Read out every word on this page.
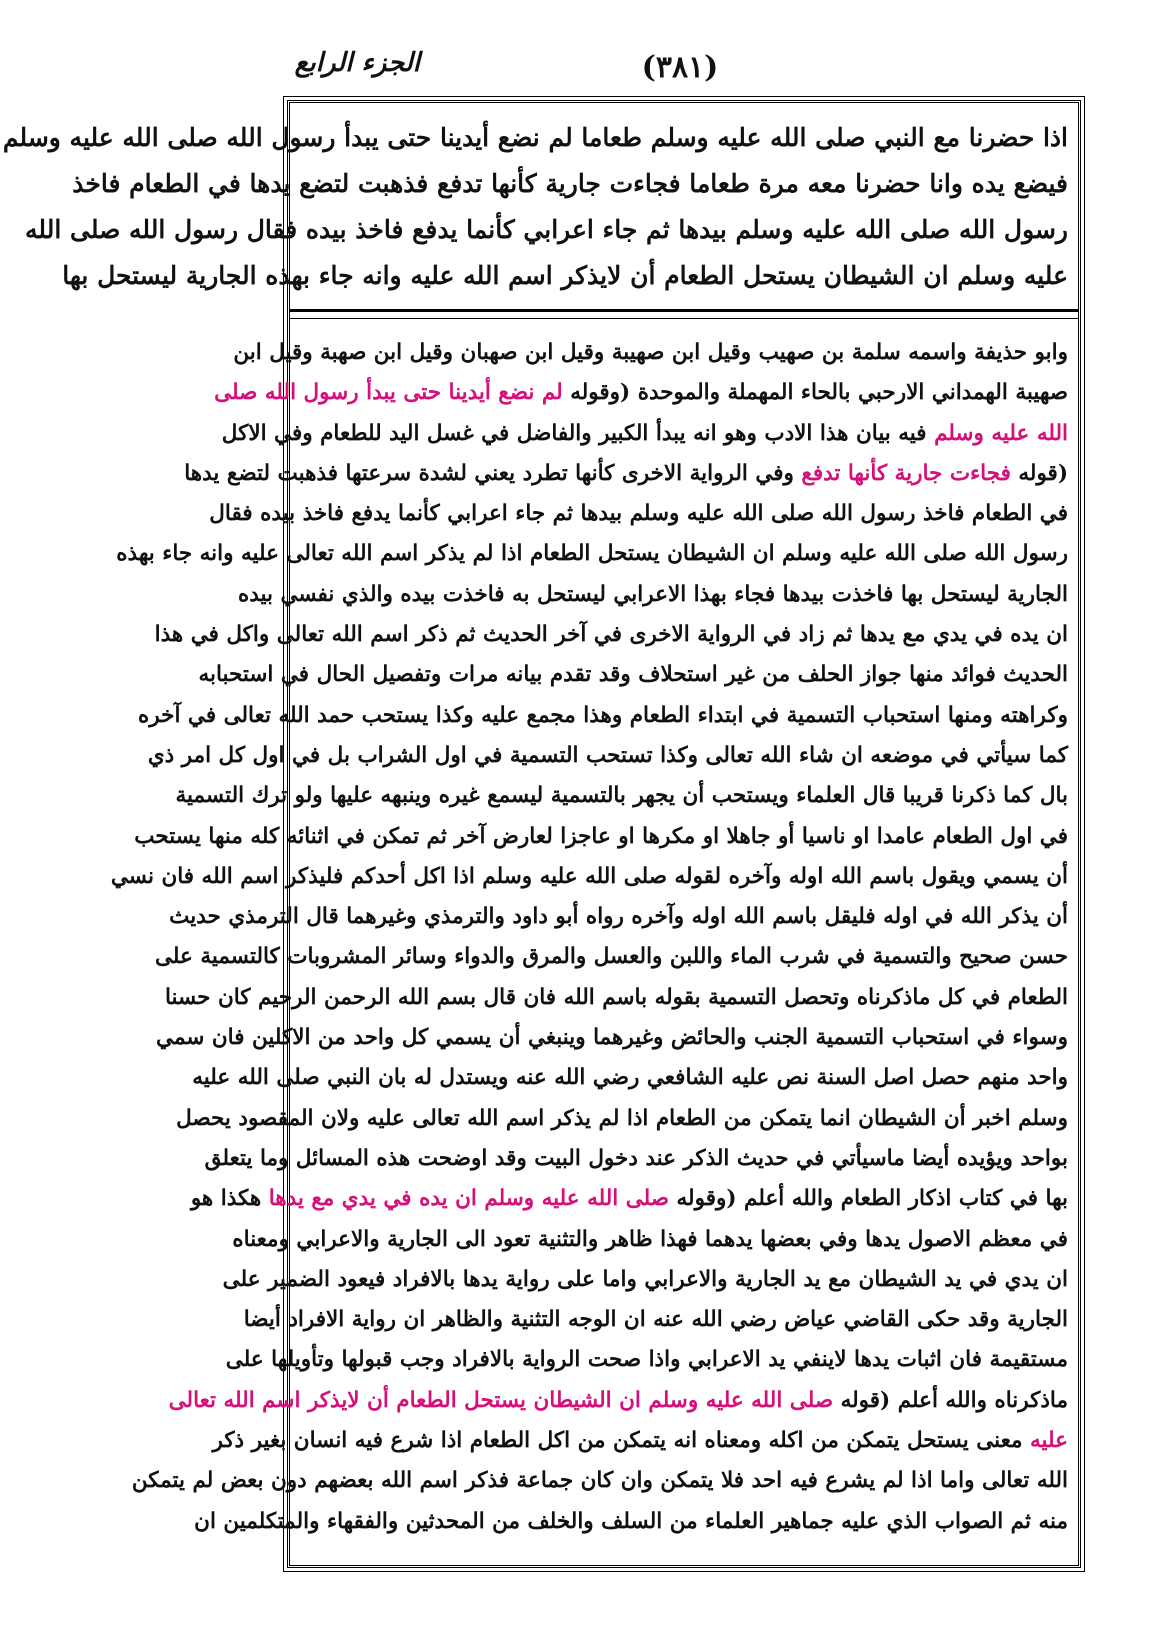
(٣٨١)
الجزء الرابع
اذا حضرنا مع النبي صلى الله عليه وسلم طعاما لم نضع أيدينا حتى يبدأ رسول الله صلى الله عليه وسلم
فيضع يده وانا حضرنا معه مرة طعاما فجاءت جارية كأنها تدفع فذهبت لتضع يدها في الطعام فاخذ
رسول الله صلى الله عليه وسلم بيدها ثم جاء اعرابي كأنما يدفع فاخذ بيده فقال رسول الله صلى الله
عليه وسلم ان الشيطان يستحل الطعام أن لايذكر اسم الله عليه وانه جاء بهذه الجارية ليستحل بها
وابو حذيفة واسمه سلمة بن صهيب وقيل ابن صهيبة وقيل ابن صهبان وقيل ابن صهبة وقيل ابن
صهيبة الهمداني الارحبي بالحاء المهملة والموحدة (وقوله لم نضع أيدينا حتى يبدأ رسول الله صلى
الله عليه وسلم فيه بيان هذا الادب وهو انه يبدأ الكبير والفاضل في غسل اليد للطعام وفي الاكل
(قوله فجاءت جارية كأنها تدفع وفي الرواية الاخرى كأنها تطرد يعني لشدة سرعتها فذهبت لتضع يدها
في الطعام فاخذ رسول الله صلى الله عليه وسلم بيدها ثم جاء اعرابي كأنما يدفع فاخذ بيده فقال
رسول الله صلى الله عليه وسلم ان الشيطان يستحل الطعام اذا لم يذكر اسم الله تعالى عليه وانه جاء بهذه
الجارية ليستحل بها فاخذت بيدها فجاء بهذا الاعرابي ليستحل به فاخذت بيده والذي نفسي بيده
ان يده في يدي مع يدها ثم زاد في الرواية الاخرى في آخر الحديث ثم ذكر اسم الله تعالى واكل في هذا
الحديث فوائد منها جواز الحلف من غير استحلاف وقد تقدم بيانه مرات وتفصيل الحال في استحبابه
وكراهته ومنها استحباب التسمية في ابتداء الطعام وهذا مجمع عليه وكذا يستحب حمد الله تعالى في آخره
كما سيأتي في موضعه ان شاء الله تعالى وكذا تستحب التسمية في اول الشراب بل في اول كل امر ذي
بال كما ذكرنا قريبا قال العلماء ويستحب أن يجهر بالتسمية ليسمع غيره وينبهه عليها ولو ترك التسمية
في اول الطعام عامدا او ناسيا أو جاهلا او مكرها او عاجزا لعارض آخر ثم تمكن في اثنائه كله منها يستحب
أن يسمي ويقول باسم الله اوله وآخره لقوله صلى الله عليه وسلم اذا اكل أحدكم فليذكر اسم الله فان نسي
أن يذكر الله في اوله فليقل باسم الله اوله وآخره رواه أبو داود والترمذي وغيرهما قال الترمذي حديث
حسن صحيح والتسمية في شرب الماء واللبن والعسل والمرق والدواء وسائر المشروبات كالتسمية على
الطعام في كل ماذكرناه وتحصل التسمية بقوله باسم الله فان قال بسم الله الرحمن الرحيم كان حسنا
وسواء في استحباب التسمية الجنب والحائض وغيرهما وينبغي أن يسمي كل واحد من الاكلين فان سمي
واحد منهم حصل اصل السنة نص عليه الشافعي رضي الله عنه ويستدل له بان النبي صلى الله عليه
وسلم اخبر أن الشيطان انما يتمكن من الطعام اذا لم يذكر اسم الله تعالى عليه ولان المقصود يحصل
بواحد ويؤيده أيضا ماسيأتي في حديث الذكر عند دخول البيت وقد اوضحت هذه المسائل وما يتعلق
بها في كتاب اذكار الطعام والله أعلم (وقوله صلى الله عليه وسلم ان يده في يدي مع يدها هكذا هو
في معظم الاصول يدها وفي بعضها يدهما فهذا ظاهر والتثنية تعود الى الجارية والاعرابي ومعناه
ان يدي في يد الشيطان مع يد الجارية والاعرابي واما على رواية يدها بالافراد فيعود الضمير على
الجارية وقد حكى القاضي عياض رضي الله عنه ان الوجه التثنية والظاهر ان رواية الافراد أيضا
مستقيمة فان اثبات يدها لاينفي يد الاعرابي واذا صحت الرواية بالافراد وجب قبولها وتأويلها على
ماذكرناه والله أعلم (قوله صلى الله عليه وسلم ان الشيطان يستحل الطعام أن لايذكر اسم الله تعالى
عليه معنى يستحل يتمكن من اكله ومعناه انه يتمكن من اكل الطعام اذا شرع فيه انسان بغير ذكر
الله تعالى واما اذا لم يشرع فيه احد فلا يتمكن وان كان جماعة فذكر اسم الله بعضهم دون بعض لم يتمكن
منه ثم الصواب الذي عليه جماهير العلماء من السلف والخلف من المحدثين والفقهاء والمتكلمين ان
